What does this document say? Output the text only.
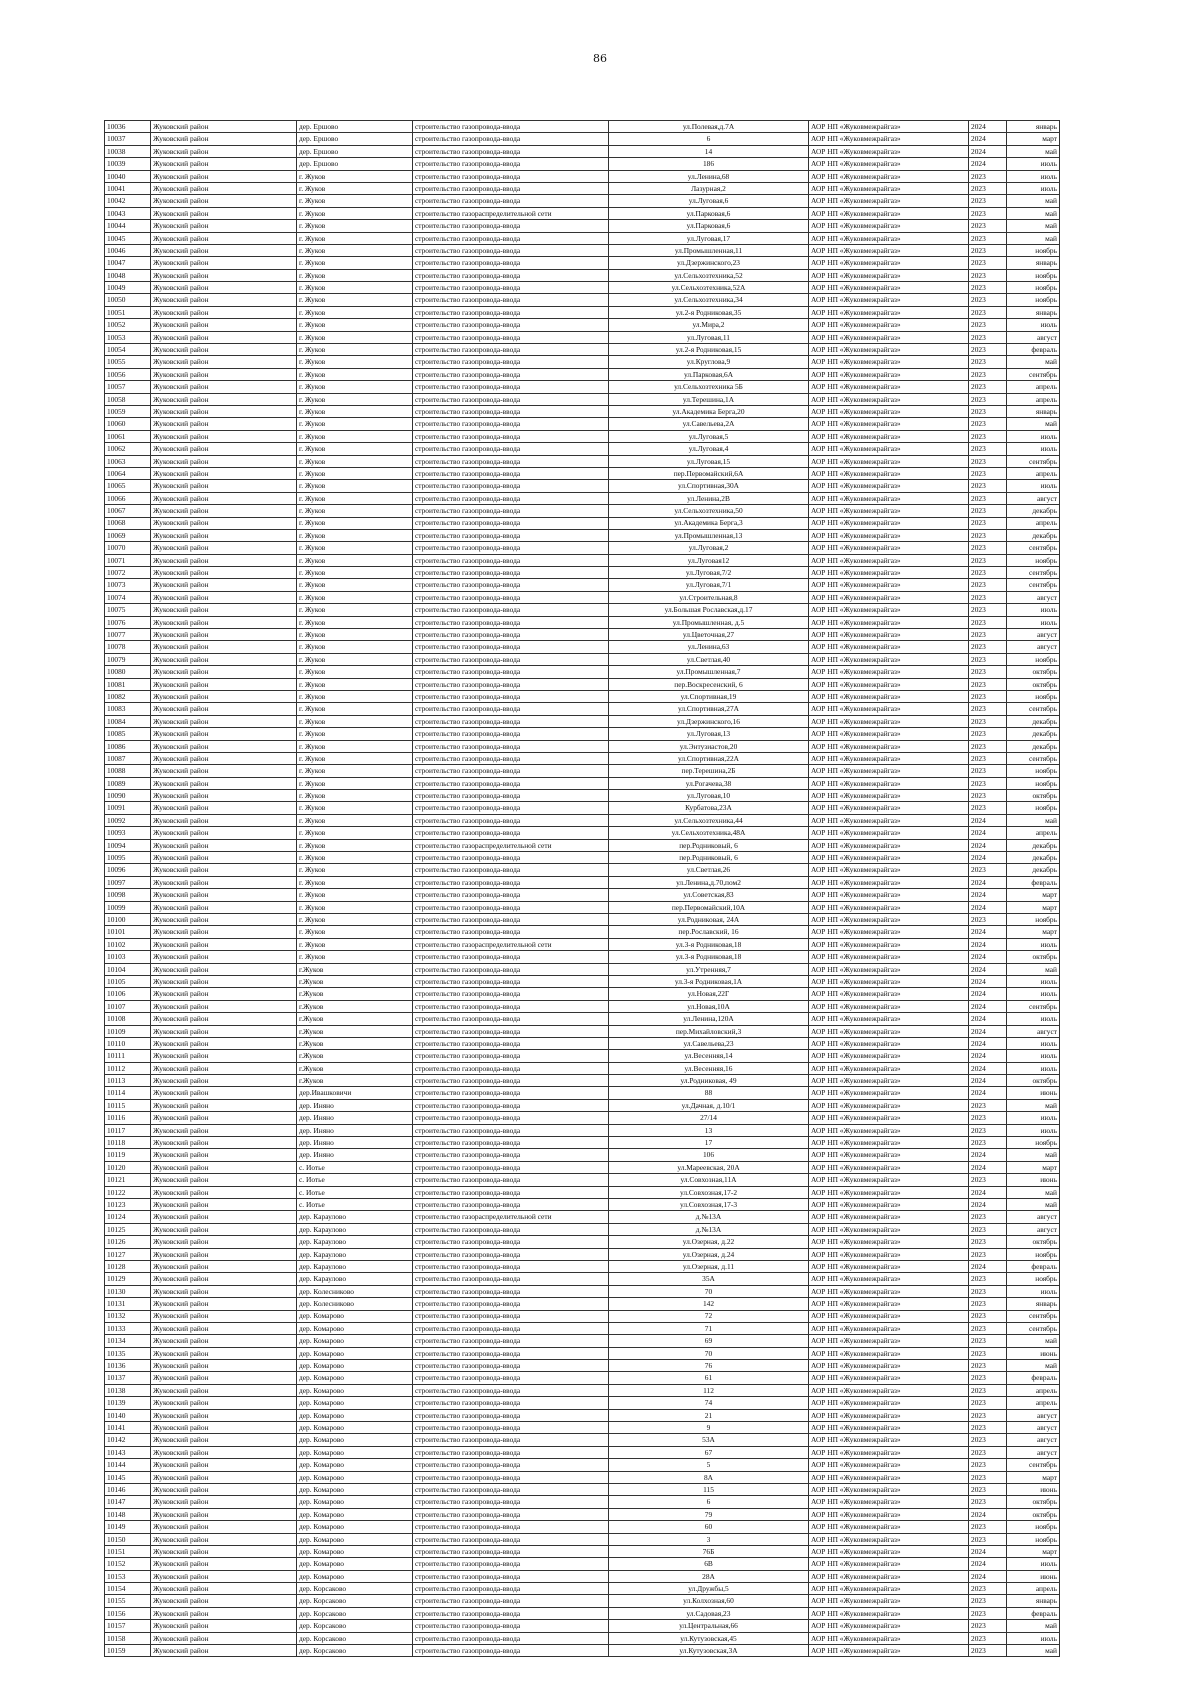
86
10036	Жуковский район	дер. Ершово	строительство газопровода-ввода	ул.Полевая,д.7А	АОР НП «Жуковмежрайгаз»	2024	январь
10037	Жуковский район	дер. Ершово	строительство газопровода-ввода	6	АОР НП «Жуковмежрайгаз»	2024	март
10038	Жуковский район	дер. Ершово	строительство газопровода-ввода	14	АОР НП «Жуковмежрайгаз»	2024	май
10039	Жуковский район	дер. Ершово	строительство газопровода-ввода	186	АОР НП «Жуковмежрайгаз»	2024	июль
10040	Жуковский район	г. Жуков	строительство газопровода-ввода	ул.Ленина,68	АОР НП «Жуковмежрайгаз»	2023	июль
10041	Жуковский район	г. Жуков	строительство газопровода-ввода	Лазурная,2	АОР НП «Жуковмежрайгаз»	2023	июль
10042	Жуковский район	г. Жуков	строительство газопровода-ввода	ул.Луговая,6	АОР НП «Жуковмежрайгаз»	2023	май
10043	Жуковский район	г. Жуков	строительство газораспределительной сети	ул.Парковая,6	АОР НП «Жуковмежрайгаз»	2023	май
10044	Жуковский район	г. Жуков	строительство газопровода-ввода	ул.Парковая,6	АОР НП «Жуковмежрайгаз»	2023	май
10045	Жуковский район	г. Жуков	строительство газопровода-ввода	ул.Луговая,17	АОР НП «Жуковмежрайгаз»	2023	май
10046	Жуковский район	г. Жуков	строительство газопровода-ввода	ул.Промышленная,11	АОР НП «Жуковмежрайгаз»	2023	ноябрь
10047	Жуковский район	г. Жуков	строительство газопровода-ввода	ул.Дзержинского,23	АОР НП «Жуковмежрайгаз»	2023	январь
10048	Жуковский район	г. Жуков	строительство газопровода-ввода	ул.Сельхозтехника,52	АОР НП «Жуковмежрайгаз»	2023	ноябрь
10049	Жуковский район	г. Жуков	строительство газопровода-ввода	ул.Сельхозтехника,52А	АОР НП «Жуковмежрайгаз»	2023	ноябрь
10050	Жуковский район	г. Жуков	строительство газопровода-ввода	ул.Сельхозтехника,34	АОР НП «Жуковмежрайгаз»	2023	ноябрь
10051	Жуковский район	г. Жуков	строительство газопровода-ввода	ул.2-я Родниковая,35	АОР НП «Жуковмежрайгаз»	2023	январь
10052	Жуковский район	г. Жуков	строительство газопровода-ввода	ул.Мира,2	АОР НП «Жуковмежрайгаз»	2023	июль
10053	Жуковский район	г. Жуков	строительство газопровода-ввода	ул.Луговая,11	АОР НП «Жуковмежрайгаз»	2023	август
10054	Жуковский район	г. Жуков	строительство газопровода-ввода	ул.2-я Родниковая,15	АОР НП «Жуковмежрайгаз»	2023	февраль
10055	Жуковский район	г. Жуков	строительство газопровода-ввода	ул.Круглова,9	АОР НП «Жуковмежрайгаз»	2023	май
10056	Жуковский район	г. Жуков	строительство газопровода-ввода	ул.Парковая,6А	АОР НП «Жуковмежрайгаз»	2023	сентябрь
10057	Жуковский район	г. Жуков	строительство газопровода-ввода	ул.Сельхозтехника 5Б	АОР НП «Жуковмежрайгаз»	2023	апрель
10058	Жуковский район	г. Жуков	строительство газопровода-ввода	ул.Терешина,1А	АОР НП «Жуковмежрайгаз»	2023	апрель
10059	Жуковский район	г. Жуков	строительство газопровода-ввода	ул.Академика Берга,20	АОР НП «Жуковмежрайгаз»	2023	январь
10060	Жуковский район	г. Жуков	строительство газопровода-ввода	ул.Савельева,2А	АОР НП «Жуковмежрайгаз»	2023	май
10061	Жуковский район	г. Жуков	строительство газопровода-ввода	ул.Луговая,5	АОР НП «Жуковмежрайгаз»	2023	июль
10062	Жуковский район	г. Жуков	строительство газопровода-ввода	ул.Луговая,4	АОР НП «Жуковмежрайгаз»	2023	июль
10063	Жуковский район	г. Жуков	строительство газопровода-ввода	ул.Луговая,15	АОР НП «Жуковмежрайгаз»	2023	сентябрь
10064	Жуковский район	г. Жуков	строительство газопровода-ввода	пер.Первомайский,6А	АОР НП «Жуковмежрайгаз»	2023	апрель
10065	Жуковский район	г. Жуков	строительство газопровода-ввода	ул.Спортивная,30А	АОР НП «Жуковмежрайгаз»	2023	июль
10066	Жуковский район	г. Жуков	строительство газопровода-ввода	ул.Ленина,2В	АОР НП «Жуковмежрайгаз»	2023	август
10067	Жуковский район	г. Жуков	строительство газопровода-ввода	ул.Сельхозтехника,50	АОР НП «Жуковмежрайгаз»	2023	декабрь
10068	Жуковский район	г. Жуков	строительство газопровода-ввода	ул.Академика Берга,3	АОР НП «Жуковмежрайгаз»	2023	апрель
10069	Жуковский район	г. Жуков	строительство газопровода-ввода	ул.Промышленная,13	АОР НП «Жуковмежрайгаз»	2023	декабрь
10070	Жуковский район	г. Жуков	строительство газопровода-ввода	ул.Луговая,2	АОР НП «Жуковмежрайгаз»	2023	сентябрь
10071	Жуковский район	г. Жуков	строительство газопровода-ввода	ул.Луговая12	АОР НП «Жуковмежрайгаз»	2023	ноябрь
10072	Жуковский район	г. Жуков	строительство газопровода-ввода	ул.Луговая,7/2	АОР НП «Жуковмежрайгаз»	2023	сентябрь
10073	Жуковский район	г. Жуков	строительство газопровода-ввода	ул.Луговая,7/1	АОР НП «Жуковмежрайгаз»	2023	сентябрь
10074	Жуковский район	г. Жуков	строительство газопровода-ввода	ул.Строительная,8	АОР НП «Жуковмежрайгаз»	2023	август
10075	Жуковский район	г. Жуков	строительство газопровода-ввода	ул.Большая Рославская,д.17	АОР НП «Жуковмежрайгаз»	2023	июль
10076	Жуковский район	г. Жуков	строительство газопровода-ввода	ул.Промышленная, д.5	АОР НП «Жуковмежрайгаз»	2023	июль
10077	Жуковский район	г. Жуков	строительство газопровода-ввода	ул.Цветочная,27	АОР НП «Жуковмежрайгаз»	2023	август
10078	Жуковский район	г. Жуков	строительство газопровода-ввода	ул.Ленина,63	АОР НП «Жуковмежрайгаз»	2023	август
10079	Жуковский район	г. Жуков	строительство газопровода-ввода	ул.Светлая,40	АОР НП «Жуковмежрайгаз»	2023	ноябрь
10080	Жуковский район	г. Жуков	строительство газопровода-ввода	ул.Промышленная,7	АОР НП «Жуковмежрайгаз»	2023	октябрь
10081	Жуковский район	г. Жуков	строительство газопровода-ввода	пер.Воскресенский, 6	АОР НП «Жуковмежрайгаз»	2023	октябрь
10082	Жуковский район	г. Жуков	строительство газопровода-ввода	ул.Спортивная,19	АОР НП «Жуковмежрайгаз»	2023	ноябрь
10083	Жуковский район	г. Жуков	строительство газопровода-ввода	ул.Спортивная,27А	АОР НП «Жуковмежрайгаз»	2023	сентябрь
10084	Жуковский район	г. Жуков	строительство газопровода-ввода	ул.Дзержинского,16	АОР НП «Жуковмежрайгаз»	2023	декабрь
10085	Жуковский район	г. Жуков	строительство газопровода-ввода	ул.Луговая,13	АОР НП «Жуковмежрайгаз»	2023	декабрь
10086	Жуковский район	г. Жуков	строительство газопровода-ввода	ул.Энтузиастов,20	АОР НП «Жуковмежрайгаз»	2023	декабрь
10087	Жуковский район	г. Жуков	строительство газопровода-ввода	ул.Спортивная,22А	АОР НП «Жуковмежрайгаз»	2023	сентябрь
10088	Жуковский район	г. Жуков	строительство газопровода-ввода	пер.Терешина,2Б	АОР НП «Жуковмежрайгаз»	2023	ноябрь
10089	Жуковский район	г. Жуков	строительство газопровода-ввода	ул.Рогачева,38	АОР НП «Жуковмежрайгаз»	2023	ноябрь
10090	Жуковский район	г. Жуков	строительство газопровода-ввода	ул.Луговая,10	АОР НП «Жуковмежрайгаз»	2023	октябрь
10091	Жуковский район	г. Жуков	строительство газопровода-ввода	Курбатова,23А	АОР НП «Жуковмежрайгаз»	2023	ноябрь
10092	Жуковский район	г. Жуков	строительство газопровода-ввода	ул.Сельхозтехника,44	АОР НП «Жуковмежрайгаз»	2024	май
10093	Жуковский район	г. Жуков	строительство газопровода-ввода	ул.Сельхозтехника,48А	АОР НП «Жуковмежрайгаз»	2024	апрель
10094	Жуковский район	г. Жуков	строительство газораспределительной сети	пер.Родниковый, 6	АОР НП «Жуковмежрайгаз»	2024	декабрь
10095	Жуковский район	г. Жуков	строительство газопровода-ввода	пер.Родниковый, 6	АОР НП «Жуковмежрайгаз»	2024	декабрь
10096	Жуковский район	г. Жуков	строительство газопровода-ввода	ул.Светлая,26	АОР НП «Жуковмежрайгаз»	2023	декабрь
10097	Жуковский район	г. Жуков	строительство газопровода-ввода	ул.Ленина,д.70,пом2	АОР НП «Жуковмежрайгаз»	2024	февраль
10098	Жуковский район	г. Жуков	строительство газопровода-ввода	ул.Советская,83	АОР НП «Жуковмежрайгаз»	2024	март
10099	Жуковский район	г. Жуков	строительство газопровода-ввода	пер.Первомайский,10А	АОР НП «Жуковмежрайгаз»	2024	март
10100	Жуковский район	г. Жуков	строительство газопровода-ввода	ул.Родниковая, 24А	АОР НП «Жуковмежрайгаз»	2023	ноябрь
10101	Жуковский район	г. Жуков	строительство газопровода-ввода	пер.Рославский, 16	АОР НП «Жуковмежрайгаз»	2024	март
10102	Жуковский район	г. Жуков	строительство газораспределительной сети	ул.3-я Родниковая,18	АОР НП «Жуковмежрайгаз»	2024	июль
10103	Жуковский район	г. Жуков	строительство газопровода-ввода	ул.3-я Родниковая,18	АОР НП «Жуковмежрайгаз»	2024	октябрь
10104	Жуковский район	г.Жуков	строительство газопровода-ввода	ул.Утренняя,7	АОР НП «Жуковмежрайгаз»	2024	май
10105	Жуковский район	г.Жуков	строительство газопровода-ввода	ул.3-я Родниковая,1А	АОР НП «Жуковмежрайгаз»	2024	июль
10106	Жуковский район	г.Жуков	строительство газопровода-ввода	ул.Новая,22Г	АОР НП «Жуковмежрайгаз»	2024	июль
10107	Жуковский район	г.Жуков	строительство газопровода-ввода	ул.Новая,10А	АОР НП «Жуковмежрайгаз»	2024	сентябрь
10108	Жуковский район	г.Жуков	строительство газопровода-ввода	ул.Ленина,120А	АОР НП «Жуковмежрайгаз»	2024	июль
10109	Жуковский район	г.Жуков	строительство газопровода-ввода	пер.Михайловский,3	АОР НП «Жуковмежрайгаз»	2024	август
10110	Жуковский район	г.Жуков	строительство газопровода-ввода	ул.Савельева,23	АОР НП «Жуковмежрайгаз»	2024	июль
10111	Жуковский район	г.Жуков	строительство газопровода-ввода	ул.Весенняя,14	АОР НП «Жуковмежрайгаз»	2024	июль
10112	Жуковский район	г.Жуков	строительство газопровода-ввода	ул.Весенняя,16	АОР НП «Жуковмежрайгаз»	2024	июль
10113	Жуковский район	г.Жуков	строительство газопровода-ввода	ул.Родниковая, 49	АОР НП «Жуковмежрайгаз»	2024	октябрь
10114	Жуковский район	дер.Ивашковичи	строительство газопровода-ввода	88	АОР НП «Жуковмежрайгаз»	2024	июнь
10115	Жуковский район	дер. Иняно	строительство газопровода-ввода	ул.Дачная, д.10/1	АОР НП «Жуковмежрайгаз»	2023	май
10116	Жуковский район	дер. Иняно	строительство газопровода-ввода	27/14	АОР НП «Жуковмежрайгаз»	2023	июль
10117	Жуковский район	дер. Иняно	строительство газопровода-ввода	13	АОР НП «Жуковмежрайгаз»	2023	июль
10118	Жуковский район	дер. Иняно	строительство газопровода-ввода	17	АОР НП «Жуковмежрайгаз»	2023	ноябрь
10119	Жуковский район	дер. Иняно	строительство газопровода-ввода	106	АОР НП «Жуковмежрайгаз»	2024	май
10120	Жуковский район	с. Иотье	строительство газопровода-ввода	ул.Мареевская, 20А	АОР НП «Жуковмежрайгаз»	2024	март
10121	Жуковский район	с. Иотье	строительство газопровода-ввода	ул.Совхозная,11А	АОР НП «Жуковмежрайгаз»	2023	июнь
10122	Жуковский район	с. Иотье	строительство газопровода-ввода	ул.Совхозная,17-2	АОР НП «Жуковмежрайгаз»	2024	май
10123	Жуковский район	с. Иотье	строительство газопровода-ввода	ул.Совхозная,17-3	АОР НП «Жуковмежрайгаз»	2024	май
10124	Жуковский район	дер. Караулово	строительство газораспределительной сети	д.№13А	АОР НП «Жуковмежрайгаз»	2023	август
10125	Жуковский район	дер. Караулово	строительство газопровода-ввода	д.№13А	АОР НП «Жуковмежрайгаз»	2023	август
10126	Жуковский район	дер. Караулово	строительство газопровода-ввода	ул.Озерная, д.22	АОР НП «Жуковмежрайгаз»	2023	октябрь
10127	Жуковский район	дер. Караулово	строительство газопровода-ввода	ул.Озерная, д.24	АОР НП «Жуковмежрайгаз»	2023	ноябрь
10128	Жуковский район	дер. Караулово	строительство газопровода-ввода	ул.Озерная, д.11	АОР НП «Жуковмежрайгаз»	2024	февраль
10129	Жуковский район	дер. Караулово	строительство газопровода-ввода	35А	АОР НП «Жуковмежрайгаз»	2023	ноябрь
10130	Жуковский район	дер. Колесниково	строительство газопровода-ввода	70	АОР НП «Жуковмежрайгаз»	2023	июль
10131	Жуковский район	дер. Колесниково	строительство газопровода-ввода	142	АОР НП «Жуковмежрайгаз»	2023	январь
10132	Жуковский район	дер. Комарово	строительство газопровода-ввода	72	АОР НП «Жуковмежрайгаз»	2023	сентябрь
10133	Жуковский район	дер. Комарово	строительство газопровода-ввода	71	АОР НП «Жуковмежрайгаз»	2023	сентябрь
10134	Жуковский район	дер. Комарово	строительство газопровода-ввода	69	АОР НП «Жуковмежрайгаз»	2023	май
10135	Жуковский район	дер. Комарово	строительство газопровода-ввода	70	АОР НП «Жуковмежрайгаз»	2023	июнь
10136	Жуковский район	дер. Комарово	строительство газопровода-ввода	76	АОР НП «Жуковмежрайгаз»	2023	май
10137	Жуковский район	дер. Комарово	строительство газопровода-ввода	61	АОР НП «Жуковмежрайгаз»	2023	февраль
10138	Жуковский район	дер. Комарово	строительство газопровода-ввода	112	АОР НП «Жуковмежрайгаз»	2023	апрель
10139	Жуковский район	дер. Комарово	строительство газопровода-ввода	74	АОР НП «Жуковмежрайгаз»	2023	апрель
10140	Жуковский район	дер. Комарово	строительство газопровода-ввода	21	АОР НП «Жуковмежрайгаз»	2023	август
10141	Жуковский район	дер. Комарово	строительство газопровода-ввода	9	АОР НП «Жуковмежрайгаз»	2023	август
10142	Жуковский район	дер. Комарово	строительство газопровода-ввода	53А	АОР НП «Жуковмежрайгаз»	2023	август
10143	Жуковский район	дер. Комарово	строительство газопровода-ввода	67	АОР НП «Жуковмежрайгаз»	2023	август
10144	Жуковский район	дер. Комарово	строительство газопровода-ввода	5	АОР НП «Жуковмежрайгаз»	2023	сентябрь
10145	Жуковский район	дер. Комарово	строительство газопровода-ввода	8А	АОР НП «Жуковмежрайгаз»	2023	март
10146	Жуковский район	дер. Комарово	строительство газопровода-ввода	115	АОР НП «Жуковмежрайгаз»	2023	июнь
10147	Жуковский район	дер. Комарово	строительство газопровода-ввода	6	АОР НП «Жуковмежрайгаз»	2023	октябрь
10148	Жуковский район	дер. Комарово	строительство газопровода-ввода	79	АОР НП «Жуковмежрайгаз»	2024	октябрь
10149	Жуковский район	дер. Комарово	строительство газопровода-ввода	60	АОР НП «Жуковмежрайгаз»	2023	ноябрь
10150	Жуковский район	дер. Комарово	строительство газопровода-ввода	3	АОР НП «Жуковмежрайгаз»	2023	ноябрь
10151	Жуковский район	дер. Комарово	строительство газопровода-ввода	76Б	АОР НП «Жуковмежрайгаз»	2024	март
10152	Жуковский район	дер. Комарово	строительство газопровода-ввода	6В	АОР НП «Жуковмежрайгаз»	2024	июль
10153	Жуковский район	дер. Комарово	строительство газопровода-ввода	28А	АОР НП «Жуковмежрайгаз»	2024	июнь
10154	Жуковский район	дер. Корсаково	строительство газопровода-ввода	ул.Дружбы,5	АОР НП «Жуковмежрайгаз»	2023	апрель
10155	Жуковский район	дер. Корсаково	строительство газопровода-ввода	ул.Колхозная,60	АОР НП «Жуковмежрайгаз»	2023	январь
10156	Жуковский район	дер. Корсаково	строительство газопровода-ввода	ул.Садовая,23	АОР НП «Жуковмежрайгаз»	2023	февраль
10157	Жуковский район	дер. Корсаково	строительство газопровода-ввода	ул.Центральная,66	АОР НП «Жуковмежрайгаз»	2023	май
10158	Жуковский район	дер. Корсаково	строительство газопровода-ввода	ул.Кутузовская,45	АОР НП «Жуковмежрайгаз»	2023	июль
10159	Жуковский район	дер. Корсаково	строительство газопровода-ввода	ул.Кутузовская,3А	АОР НП «Жуковмежрайгаз»	2023	май
